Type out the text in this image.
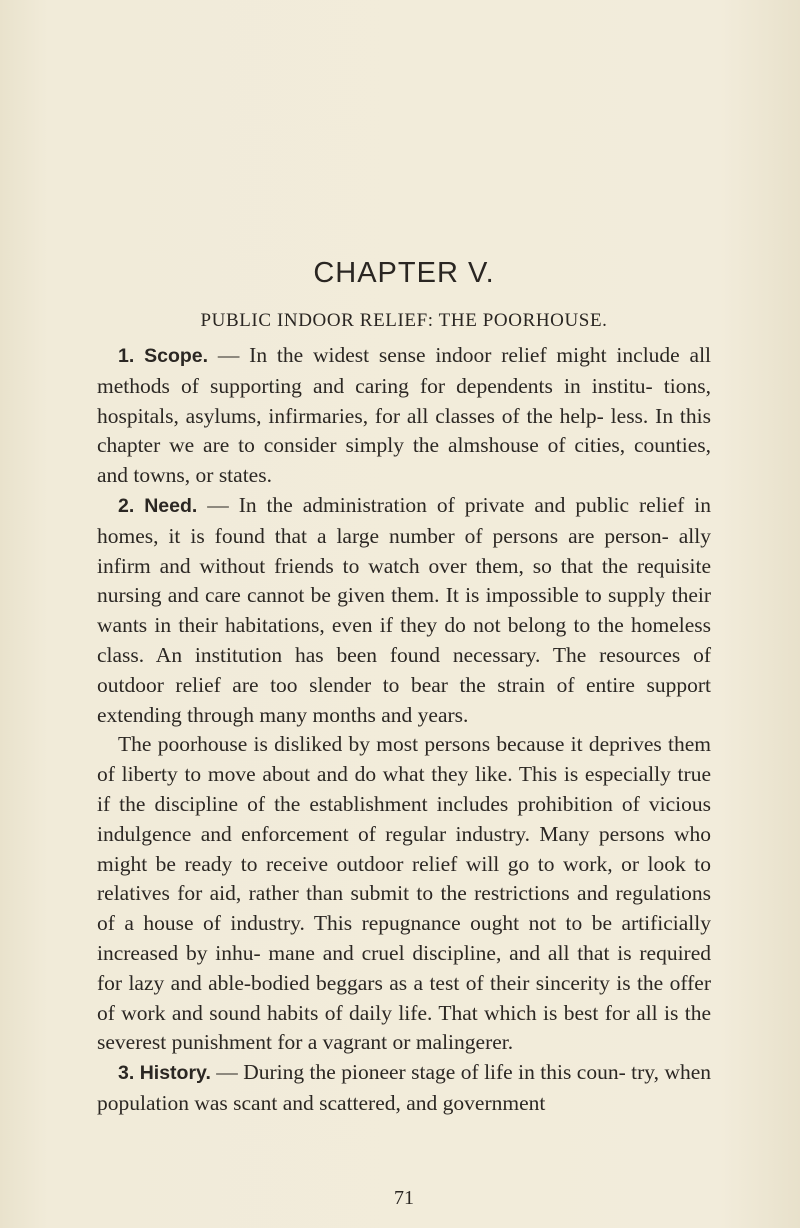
CHAPTER V.
PUBLIC INDOOR RELIEF: THE POORHOUSE.

1. Scope. — In the widest sense indoor relief might include all methods of supporting and caring for dependents in institu- tions, hospitals, asylums, infirmaries, for all classes of the help- less. In this chapter we are to consider simply the almshouse of cities, counties, and towns, or states.

2. Need. — In the administration of private and public relief in homes, it is found that a large number of persons are person- ally infirm and without friends to watch over them, so that the requisite nursing and care cannot be given them. It is impossible to supply their wants in their habitations, even if they do not belong to the homeless class. An institution has been found necessary. The resources of outdoor relief are too slender to bear the strain of entire support extending through many months and years.

The poorhouse is disliked by most persons because it deprives them of liberty to move about and do what they like. This is especially true if the discipline of the establishment includes prohibition of vicious indulgence and enforcement of regular industry. Many persons who might be ready to receive outdoor relief will go to work, or look to relatives for aid, rather than submit to the restrictions and regulations of a house of industry. This repugnance ought not to be artificially increased by inhu- mane and cruel discipline, and all that is required for lazy and able-bodied beggars as a test of their sincerity is the offer of work and sound habits of daily life. That which is best for all is the severest punishment for a vagrant or malingerer.

3. History. — During the pioneer stage of life in this coun- try, when population was scant and scattered, and government

71
